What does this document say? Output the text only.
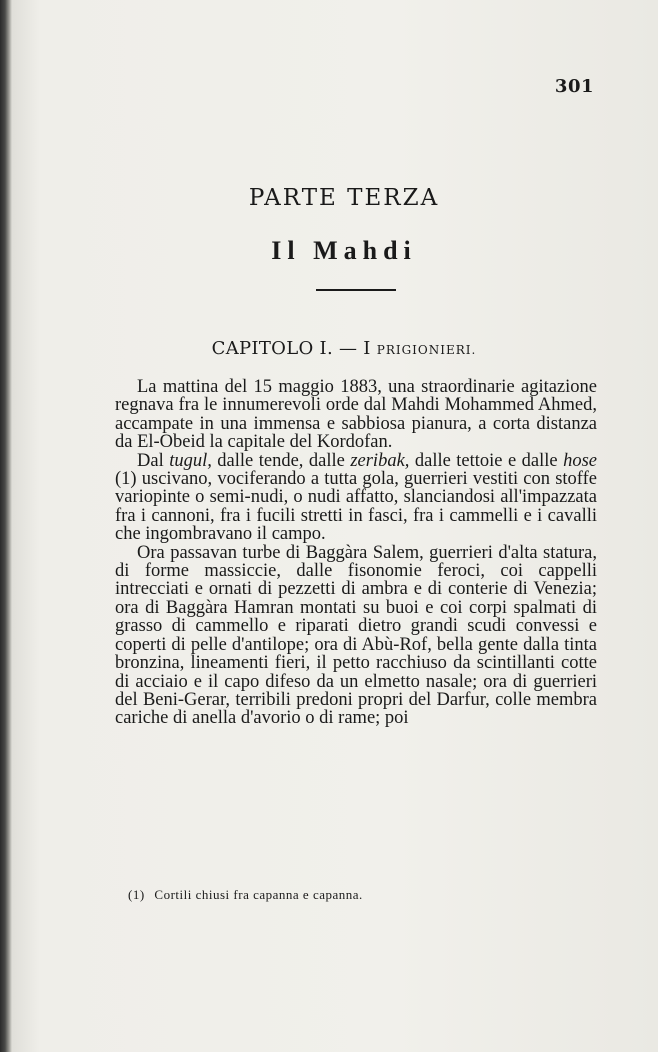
301
PARTE TERZA
Il Mahdi
CAPITOLO I. — I PRIGIONIERI.

La mattina del 15 maggio 1883, una straordinarie agitazione regnava fra le innumerevoli orde dal Mahdi Mohammed Ahmed, accampate in una immensa e sabbiosa pianura, a corta distanza da El-Obeid la capitale del Kordofan.

Dal tugul, dalle tende, dalle zeribak, dalle tettoie e dalle hose (1) uscivano, vociferando a tutta gola, guerrieri vestiti con stoffe variopinte o semi-nudi, o nudi affatto, slanciandosi all'impazzata fra i cannoni, fra i fucili stretti in fasci, fra i cammelli e i cavalli che ingombravano il campo.

Ora passavan turbe di Baggàra Salem, guerrieri d'alta statura, di forme massiccie, dalle fisonomie feroci, coi cappelli intrecciati e ornati di pezzetti di ambra e di conterie di Venezia; ora di Baggàra Hamran montati su buoi e coi corpi spalmati di grasso di cammello e riparati dietro grandi scudi convessi e coperti di pelle d'antilope; ora di Abù-Rof, bella gente dalla tinta bronzina, lineamenti fieri, il petto racchiuso da scintillanti cotte di acciaio e il capo difeso da un elmetto nasale; ora di guerrieri del Beni-Gerar, terribili predoni propri del Darfur, colle membra cariche di anella d'avorio o di rame; poi

(1) Cortili chiusi fra capanna e capanna.
